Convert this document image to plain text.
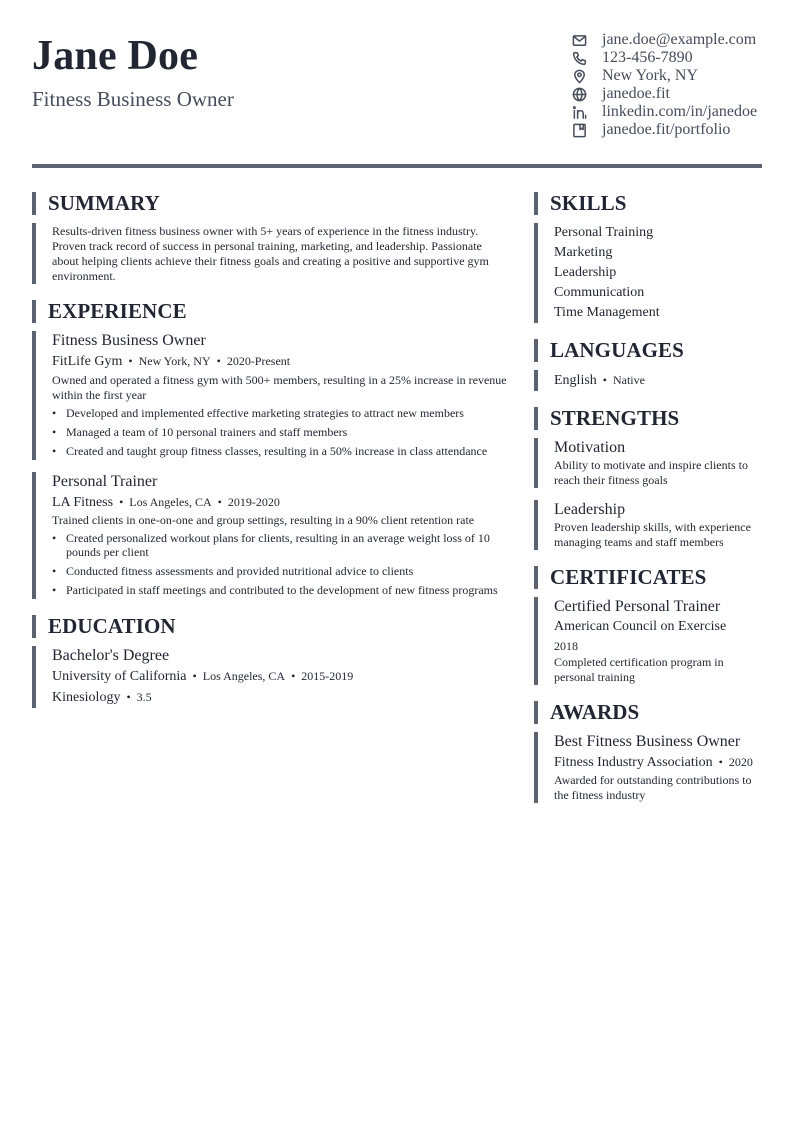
Jane Doe

Fitness Business Owner

jane.doe@example.com
123-456-7890
New York, NY
janedoe.fit
linkedin.com/in/janedoe
janedoe.fit/portfolio
SUMMARY
Results-driven fitness business owner with 5+ years of experience in the fitness industry. Proven track record of success in personal training, marketing, and leadership. Passionate about helping clients achieve their fitness goals and creating a positive and supportive gym environment.
EXPERIENCE
Fitness Business Owner
FitLife Gym • New York, NY • 2020-Present
Owned and operated a fitness gym with 500+ members, resulting in a 25% increase in revenue within the first year
• Developed and implemented effective marketing strategies to attract new members
• Managed a team of 10 personal trainers and staff members
• Created and taught group fitness classes, resulting in a 50% increase in class attendance
Personal Trainer
LA Fitness • Los Angeles, CA • 2019-2020
Trained clients in one-on-one and group settings, resulting in a 90% client retention rate
• Created personalized workout plans for clients, resulting in an average weight loss of 10 pounds per client
• Conducted fitness assessments and provided nutritional advice to clients
• Participated in staff meetings and contributed to the development of new fitness programs
EDUCATION
Bachelor's Degree
University of California • Los Angeles, CA • 2015-2019
Kinesiology • 3.5
SKILLS
Personal Training
Marketing
Leadership
Communication
Time Management
LANGUAGES
English • Native
STRENGTHS
Motivation
Ability to motivate and inspire clients to reach their fitness goals
Leadership
Proven leadership skills, with experience managing teams and staff members
CERTIFICATES
Certified Personal Trainer
American Council on Exercise
2018
Completed certification program in personal training
AWARDS
Best Fitness Business Owner
Fitness Industry Association • 2020
Awarded for outstanding contributions to the fitness industry
